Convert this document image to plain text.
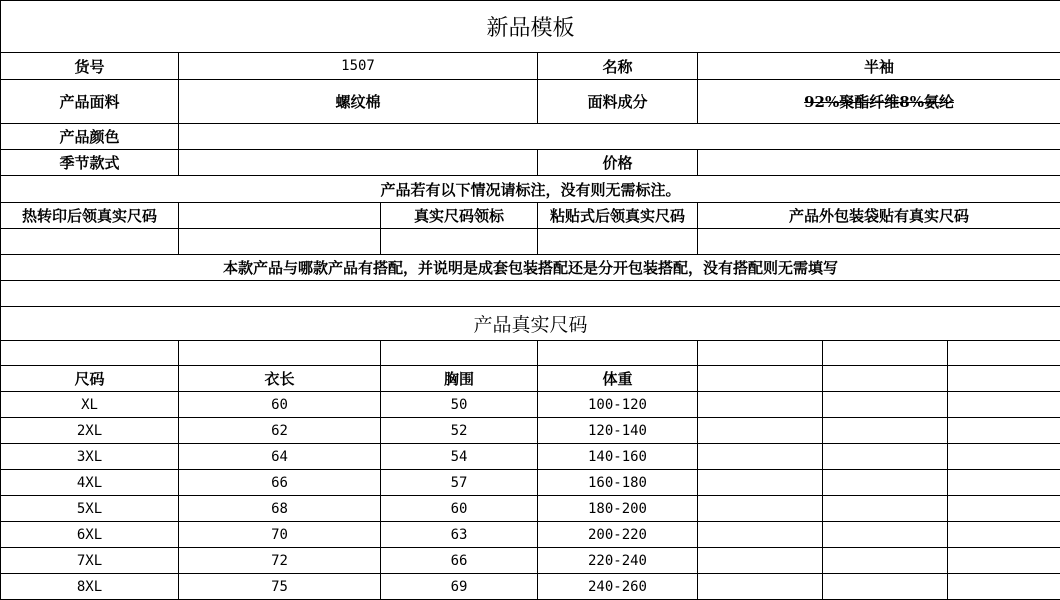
新品模板						
货号	1507		名称	半袖		
产品面料	螺纹棉		面料成分	92%聚酯纤维8%氨纶		
产品颜色						
季节款式			价格			
产品若有以下情况请标注，没有则无需标注。						
热转印后领真实尺码		真实尺码领标	粘贴式后领真实尺码	产品外包装袋贴有真实尺码		

本款产品与哪款产品有搭配，并说明是成套包装搭配还是分开包装搭配，没有搭配则无需填写						

产品真实尺码						

尺码	衣长	胸围	体重			
XL	60	50	100-120			
2XL	62	52	120-140			
3XL	64	54	140-160			
4XL	66	57	160-180			
5XL	68	60	180-200			
6XL	70	63	200-220			
7XL	72	66	220-240			
8XL	75	69	240-260			
